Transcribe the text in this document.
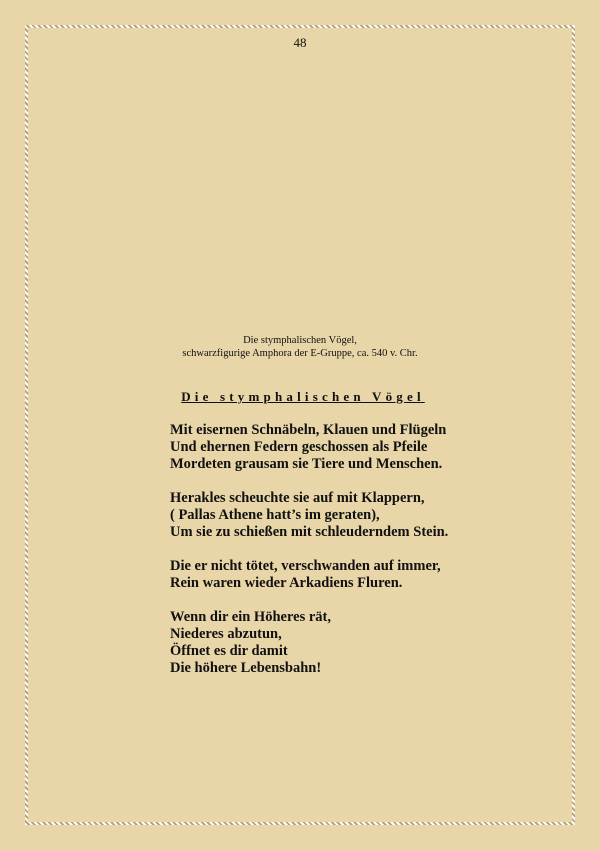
48
Die stymphalischen Vögel,
schwarzfigurige Amphora der E-Gruppe, ca. 540 v. Chr.
Die stymphalischen Vögel
Mit eisernen Schnäbeln, Klauen und Flügeln
Und ehernen Federn geschossen als Pfeile
Mordeten grausam sie Tiere und Menschen.
Herakles scheuchte sie auf mit Klappern,
( Pallas Athene hatt’s im geraten),
Um sie zu schießen mit schleuderndem Stein.
Die er nicht tötet, verschwanden auf immer,
Rein waren wieder Arkadiens Fluren.
Wenn dir ein Höheres rät,
Niederes abzutun,
Öffnet es dir damit
Die höhere Lebensbahn!
